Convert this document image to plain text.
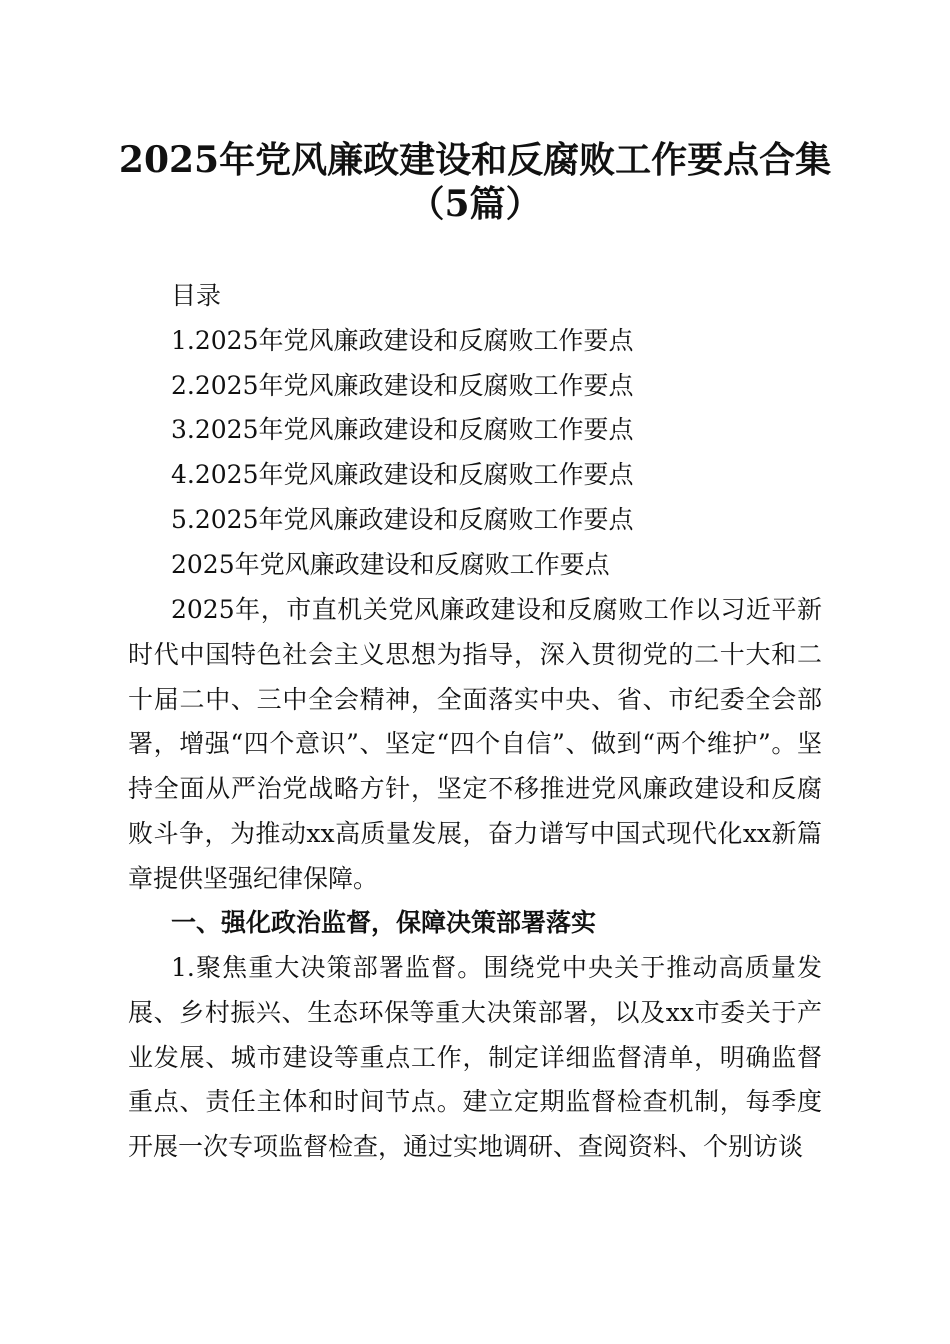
2025年党风廉政建设和反腐败工作要点合集
（5篇）
目录
1.2025年党风廉政建设和反腐败工作要点
2.2025年党风廉政建设和反腐败工作要点
3.2025年党风廉政建设和反腐败工作要点
4.2025年党风廉政建设和反腐败工作要点
5.2025年党风廉政建设和反腐败工作要点
2025年党风廉政建设和反腐败工作要点
2025年，市直机关党风廉政建设和反腐败工作以习近平新时代中国特色社会主义思想为指导，深入贯彻党的二十大和二十届二中、三中全会精神，全面落实中央、省、市纪委全会部署，增强“四个意识”、坚定“四个自信”、做到“两个维护”。坚持全面从严治党战略方针，坚定不移推进党风廉政建设和反腐败斗争，为推动xx高质量发展，奋力谱写中国式现代化xx新篇章提供坚强纪律保障。
一、强化政治监督，保障决策部署落实
1.聚焦重大决策部署监督。围绕党中央关于推动高质量发展、乡村振兴、生态环保等重大决策部署，以及xx市委关于产业发展、城市建设等重点工作，制定详细监督清单，明确监督重点、责任主体和时间节点。建立定期监督检查机制，每季度开展一次专项监督检查，通过实地调研、查阅资料、个别访谈
